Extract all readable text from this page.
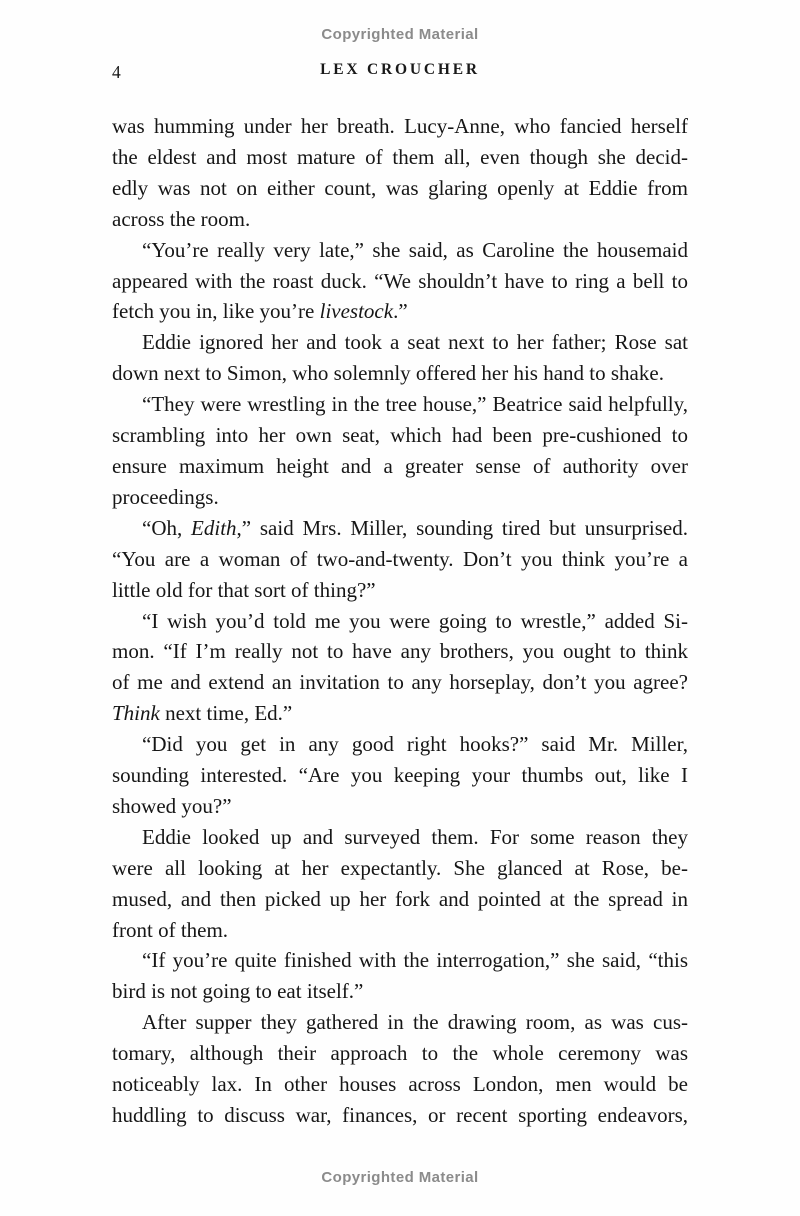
Copyrighted Material
4	LEX CROUCHER
was humming under her breath. Lucy-Anne, who fancied herself
the eldest and most mature of them all, even though she decid-
edly was not on either count, was glaring openly at Eddie from
across the room.
“You’re really very late,” she said, as Caroline the housemaid
appeared with the roast duck. “We shouldn’t have to ring a bell to
fetch you in, like you’re livestock.”
Eddie ignored her and took a seat next to her father; Rose sat
down next to Simon, who solemnly offered her his hand to shake.
“They were wrestling in the tree house,” Beatrice said helpfully,
scrambling into her own seat, which had been pre-cushioned to
ensure maximum height and a greater sense of authority over
proceedings.
“Oh, Edith,” said Mrs. Miller, sounding tired but unsurprised.
“You are a woman of two-and-twenty. Don’t you think you’re a
little old for that sort of thing?”
“I wish you’d told me you were going to wrestle,” added Si-
mon. “If I’m really not to have any brothers, you ought to think
of me and extend an invitation to any horseplay, don’t you agree?
Think next time, Ed.”
“Did you get in any good right hooks?” said Mr. Miller,
sounding interested. “Are you keeping your thumbs out, like I
showed you?”
Eddie looked up and surveyed them. For some reason they
were all looking at her expectantly. She glanced at Rose, be-
mused, and then picked up her fork and pointed at the spread in
front of them.
“If you’re quite finished with the interrogation,” she said, “this
bird is not going to eat itself.”
After supper they gathered in the drawing room, as was cus-
tomary, although their approach to the whole ceremony was
noticeably lax. In other houses across London, men would be
huddling to discuss war, finances, or recent sporting endeavors,
Copyrighted Material
